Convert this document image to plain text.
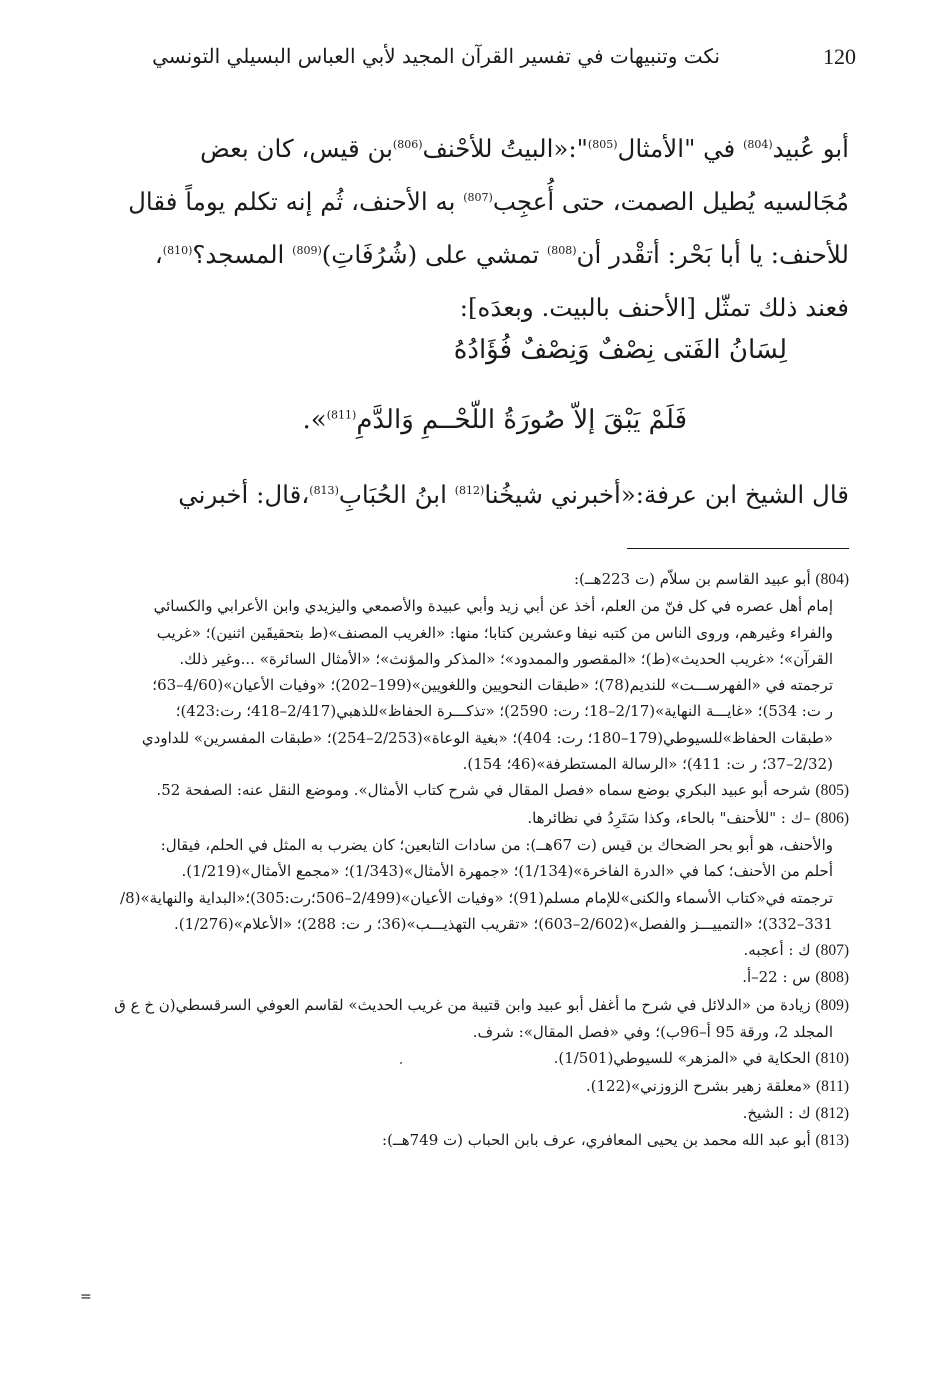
120
نكت وتنبيهات في تفسير القرآن المجيد لأبي العباس البسيلي التونسي

أبو عُبيد$^{(804)}$ في "الأمثال$^{(805)}$":«البيتُ للأحْنف$^{(806)}$بن قيس، كان بعض

مُجَالسيه يُطيل الصمت، حتى أُعجِب$^{(807)}$ به الأحنف، ثُم إنه تكلم يوماً فقال

للأحنف: يا أبا بَحْر: أتقْدر أن$^{(808)}$ تمشي على (شُرُفَاتِ)$^{(809)}$ المسجد؟$^{(810)}$،

فعند ذلك تمثّل [الأحنف بالبيت. وبعدَه]:

لِسَانُ الفَتى نِصْفٌ وَنِصْفٌ فُؤَادُهُ
فَلَمْ يَبْقَ إلاّ صُورَةُ اللّحْــمِ وَالدَّمِ$^{(811)}$».
قال الشيخ ابن عرفة:«أخبرني شيخُنا$^{(812)}$ ابنُ الحُبَابِ$^{(813)}$،قال: أخبرني

(804) أبو عبيد القاسم بن سلاّم (ت 223هــ):

إمام أهل عصره في كل فنّ من العلم، أخذ عن أبي زيد وأبي عبيدة والأصمعي واليزيدي وابن الأعرابي والكسائي

والفراء وغيرهم، وروى الناس من كتبه نيفا وعشرين كتابا؛ منها: «الغريب المصنف»(ط بتحقيقَين اثنين)؛ «غريب

القرآن»؛ «غريب الحديث»(ط)؛ «المقصور والممدود»؛ «المذكر والمؤنث»؛ «الأمثال السائرة» ...وغير ذلك.

ترجمته في «الفهرســـت» للنديم(78)؛ «طبقات النحويين واللغويين»(199–202)؛ «وفيات الأعيان»(4/60–63؛

ر ت: 534)؛ «غايـــة النهاية»(2/17–18؛ رت: 2590)؛ «تذكـــرة الحفاظ»للذهبي(2/417–418؛ رت:423)؛

«طبقات الحفاظ»للسيوطي(179–180؛ رت: 404)؛ «بغية الوعاة»(2/253–254)؛ «طبقات المفسرين» للداودي

(2/32–37؛ ر ت: 411)؛ «الرسالة المستطرفة»(46؛ 154).

(805) شرحه أبو عبيد البكري بوضع سماه «فصل المقال في شرح كتاب الأمثال». وموضع النقل عنه: الصفحة 52.

(806) –ك : "للأحنف" بالحاء، وكذا سَتَرِدُ في نظائرها.

والأحنف، هو أبو بحر الضحاك بن قيس (ت 67هــ): من سادات التابعين؛ كان يضرب به المثل في الحلم، فيقال:

أحلم من الأحنف؛ كما في «الدرة الفاخرة»(1/134)؛ «جمهرة الأمثال»(1/343)؛ «مجمع الأمثال»(1/219).

ترجمته في«كتاب الأسماء والكنى»للإمام مسلم(91)؛ «وفيات الأعيان»(2/499–506؛رت:305)؛«البداية والنهاية»(8/

331–332)؛ «التمييـــز والفصل»(2/602–603)؛ «تقريب التهذيـــب»(36؛ ر ت: 288)؛ «الأعلام»(1/276).

(807) ك : أعجبه.

(808) س : 22–أ.

(809) زيادة من «الدلائل في شرح ما أغفل أبو عبيد وابن قتيبة من غريب الحديث» لقاسم العوفي السرقسطي(ن خ ع ق

المجلد 2، ورقة 95 أ–96ب)؛ وفي «فصل المقال»: شرف.

(810) الحكاية في «المزهر» للسيوطي(1/501).

(811) «معلقة زهير بشرح الزوزني»(122).

(812) ك : الشيخ.

(813) أبو عبد الله محمد بن يحيى المعافري، عرف بابن الحباب (ت 749هــ):

=
